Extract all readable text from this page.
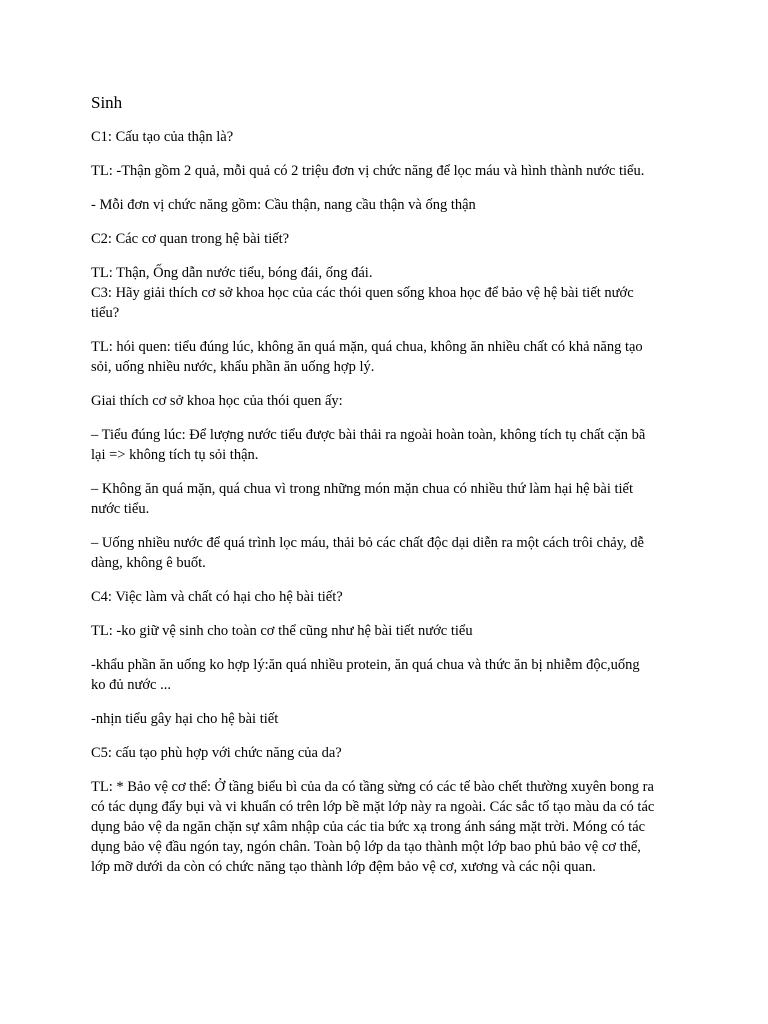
Sinh
C1: Cấu tạo của thận là?
TL: -Thận gồm 2 quả, mỗi quả có 2 triệu đơn vị chức năng để lọc máu và hình thành nước tiểu.
- Mỗi đơn vị chức năng gồm: Cầu thận, nang cầu thận và ống thận
C2: Các cơ quan trong hệ bài tiết?
TL: Thận, Ống dẫn nước tiểu, bóng đái, ống đái.
C3: Hãy giải thích cơ sở khoa học của các thói quen sống khoa học để bảo vệ hệ bài tiết nước
tiểu?
TL: hói quen: tiểu đúng lúc, không ăn quá mặn, quá chua, không ăn nhiều chất có khả năng tạo
sỏi, uống nhiều nước, khẩu phần ăn uống hợp lý.
Giai thích cơ sở khoa học của thói quen ấy:
– Tiểu đúng lúc: Để lượng nước tiểu được bài thải ra ngoài hoàn toàn, không tích tụ chất cặn bã
lại => không tích tụ sỏi thận.
– Không ăn quá mặn, quá chua vì trong những món mặn chua có nhiều thứ làm hại hệ bài tiết
nước tiểu.
– Uống nhiều nước để quá trình lọc máu, thải bỏ các chất độc dại diễn ra một cách trôi chảy, dễ
dàng, không ê buốt.
C4: Việc làm và chất có hại cho hệ bài tiết?
TL: -ko giữ vệ sinh cho toàn cơ thể cũng như hệ bài tiết nước tiểu
-khẩu phần ăn uống ko hợp lý:ăn quá nhiều protein, ăn quá chua và thức ăn bị nhiễm độc,uống
ko đủ nước ...
-nhịn tiểu gây hại cho hệ bài tiết
C5: cấu tạo phù hợp với chức năng của da?
TL: * Bảo vệ cơ thể: Ở tầng biểu bì của da có tầng sừng có các tế bào chết thường xuyên bong ra
có tác dụng đẩy bụi và vi khuẩn có trên lớp bề mặt lớp này ra ngoài. Các sắc tố tạo màu da có tác
dụng bảo vệ da ngăn chặn sự xâm nhập của các tia bức xạ trong ánh sáng mặt trời. Móng có tác
dụng bảo vệ đầu ngón tay, ngón chân. Toàn bộ lớp da tạo thành một lớp bao phủ bảo vệ cơ thể,
lớp mỡ dưới da còn có chức năng tạo thành lớp đệm bảo vệ cơ, xương và các nội quan.
